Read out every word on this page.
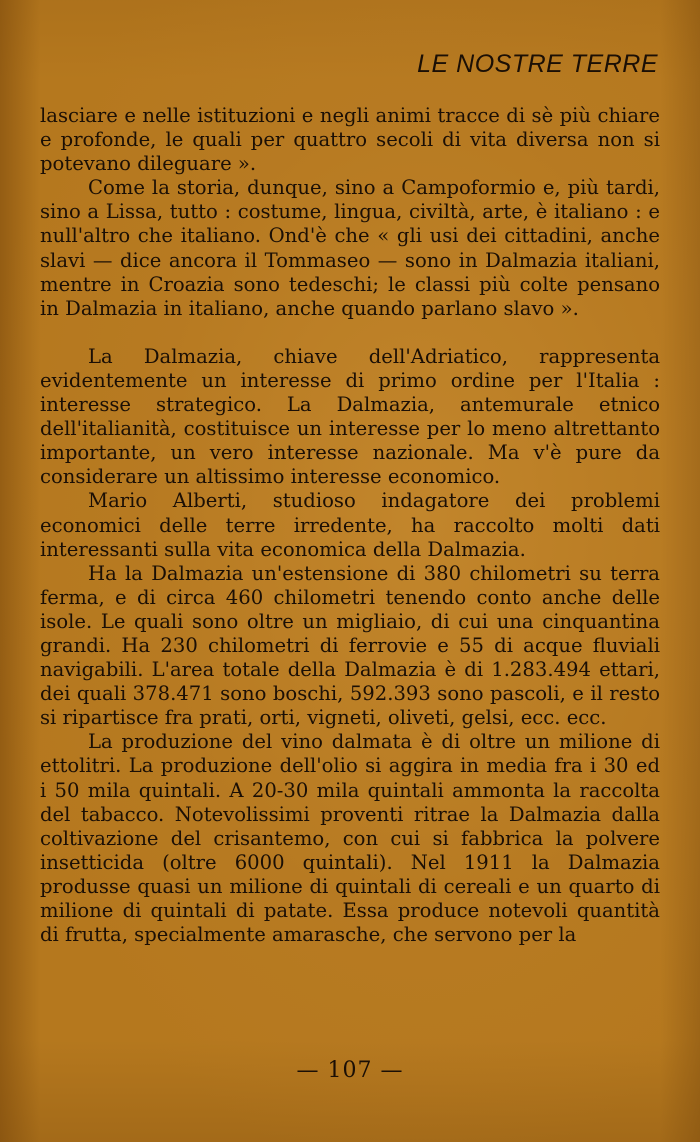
LE NOSTRE TERRE

lasciare e nelle istituzioni e negli animi tracce di sè più chiare e profonde, le quali per quattro secoli di vita diversa non si potevano dileguare ».

Come la storia, dunque, sino a Campoformio e, più tardi, sino a Lissa, tutto : costume, lingua, civiltà, arte, è italiano : e null'altro che italiano. Ond'è che « gli usi dei cittadini, anche slavi — dice ancora il Tommaseo — sono in Dalmazia italiani, mentre in Croazia sono tedeschi; le classi più colte pensano in Dalmazia in italiano, anche quando parlano slavo ».

La Dalmazia, chiave dell'Adriatico, rappresenta evidentemente un interesse di primo ordine per l'Italia : interesse strategico. La Dalmazia, antemurale etnico dell'italianità, costituisce un interesse per lo meno altrettanto importante, un vero interesse nazionale. Ma v'è pure da considerare un altissimo interesse economico.

Mario Alberti, studioso indagatore dei problemi economici delle terre irredente, ha raccolto molti dati interessanti sulla vita economica della Dalmazia.

Ha la Dalmazia un'estensione di 380 chilometri su terra ferma, e di circa 460 chilometri tenendo conto anche delle isole. Le quali sono oltre un migliaio, di cui una cinquantina grandi. Ha 230 chilometri di ferrovie e 55 di acque fluviali navigabili. L'area totale della Dalmazia è di 1.283.494 ettari, dei quali 378.471 sono boschi, 592.393 sono pascoli, e il resto si ripartisce fra prati, orti, vigneti, oliveti, gelsi, ecc. ecc.

La produzione del vino dalmata è di oltre un milione di ettolitri. La produzione dell'olio si aggira in media fra i 30 ed i 50 mila quintali. A 20-30 mila quintali ammonta la raccolta del tabacco. Notevolissimi proventi ritrae la Dalmazia dalla coltivazione del crisantemo, con cui si fabbrica la polvere insetticida (oltre 6000 quintali). Nel 1911 la Dalmazia produsse quasi un milione di quintali di cereali e un quarto di milione di quintali di patate. Essa produce notevoli quantità di frutta, specialmente amarasche, che servono per la

— 107 —
